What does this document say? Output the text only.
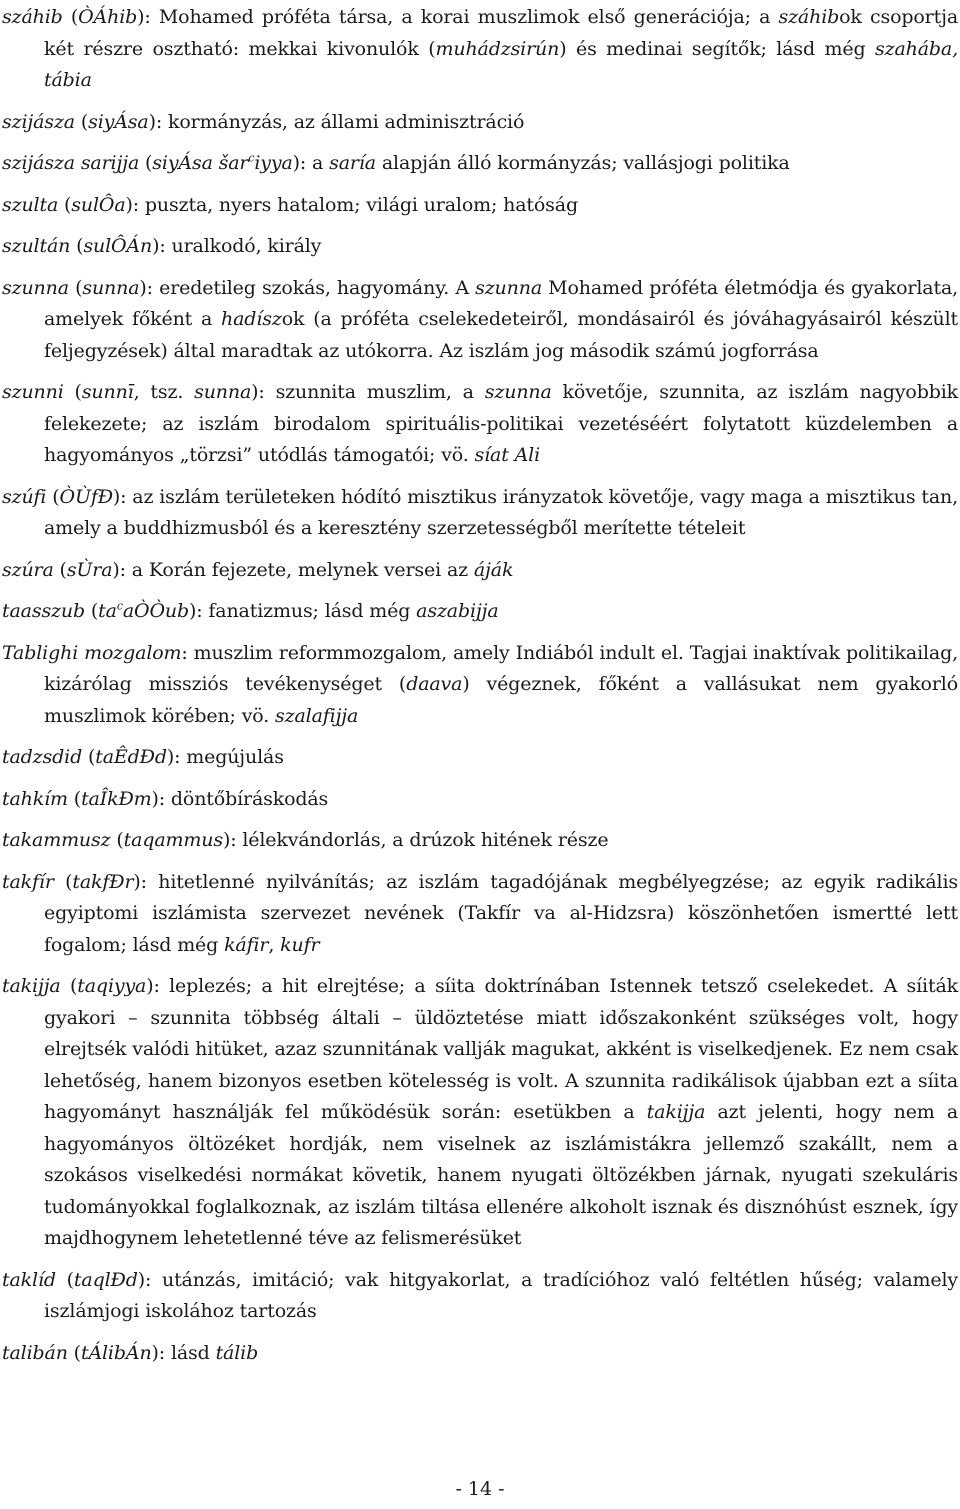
száhib (ÒÁhib): Mohamed próféta társa, a korai muszlimok első generációja; a száhibok csoportja két részre osztható: mekkai kivonulók (muhádzsirún) és medinai segítők; lásd még szahába, tábia

szijásza (siyÁsa): kormányzás, az állami adminisztráció

szijásza sarijja (siyÁsa šar$^c$iyya): a saría alapján álló kormányzás; vallásjogi politika

szulta (sulÔa): puszta, nyers hatalom; világi uralom; hatóság

szultán (sulÔÁn): uralkodó, király

szunna (sunna): eredetileg szokás, hagyomány. A szunna Mohamed próféta életmódja és gyakorlata, amelyek főként a hadíszok (a próféta cselekedeteiről, mondásairól és jóváhagyásairól készült feljegyzések) által maradtak az utókorra. Az iszlám jog második számú jogforrása

szunni (sunnī, tsz. sunna): szunnita muszlim, a szunna követője, szunnita, az iszlám nagyobbik felekezete; az iszlám birodalom spirituális-politikai vezetéséért folytatott küzdelemben a hagyományos „törzsi” utódlás támogatói; vö. síat Ali

szúfi (ÒÙfÐ): az iszlám területeken hódító misztikus irányzatok követője, vagy maga a misztikus tan, amely a buddhizmusból és a keresztény szerzetességből merítette tételeit

szúra (sÙra): a Korán fejezete, melynek versei az áják

taasszub $(ta^caÒÒub)$: fanatizmus; lásd még aszabijja

Tablighi mozgalom: muszlim reformmozgalom, amely Indiából indult el. Tagjai inaktívak politikailag, kizárólag missziós tevékenységet (daava) végeznek, főként a vallásukat nem gyakorló muszlimok körében; vö. szalafijja

tadzsdid (taÊdÐd): megújulás

tahkím (taÎkÐm): döntőbíráskodás

takammusz (taqammus): lélekvándorlás, a drúzok hitének része

takfír (takfÐr): hitetlenné nyilvánítás; az iszlám tagadójának megbélyegzése; az egyik radikális egyiptomi iszlámista szervezet nevének (Takfír va al-Hidzsra) köszönhetően ismertté lett fogalom; lásd még káfir, kufr

takijja (taqiyya): leplezés; a hit elrejtése; a síita doktrínában Istennek tetsző cselekedet. A síiták gyakori – szunnita többség általi – üldöztetése miatt időszakonként szükséges volt, hogy elrejtsék valódi hitüket, azaz szunnitának vallják magukat, akként is viselkedjenek. Ez nem csak lehetőség, hanem bizonyos esetben kötelesség is volt. A szunnita radikálisok újabban ezt a síita hagyományt használják fel működésük során: esetükben a takijja azt jelenti, hogy nem a hagyományos öltözéket hordják, nem viselnek az iszlámistákra jellemző szakállt, nem a szokásos viselkedési normákat követik, hanem nyugati öltözékben járnak, nyugati szekuláris tudományokkal foglalkoznak, az iszlám tiltása ellenére alkoholt isznak és disznóhúst esznek, így majdhogynem lehetetlenné téve az felismerésüket

taklíd (taqlÐd): utánzás, imitáció; vak hitgyakorlat, a tradícióhoz való feltétlen hűség; valamely iszlámjogi iskolához tartozás

talibán (tÁlibÁn): lásd tálib

- 14 -
